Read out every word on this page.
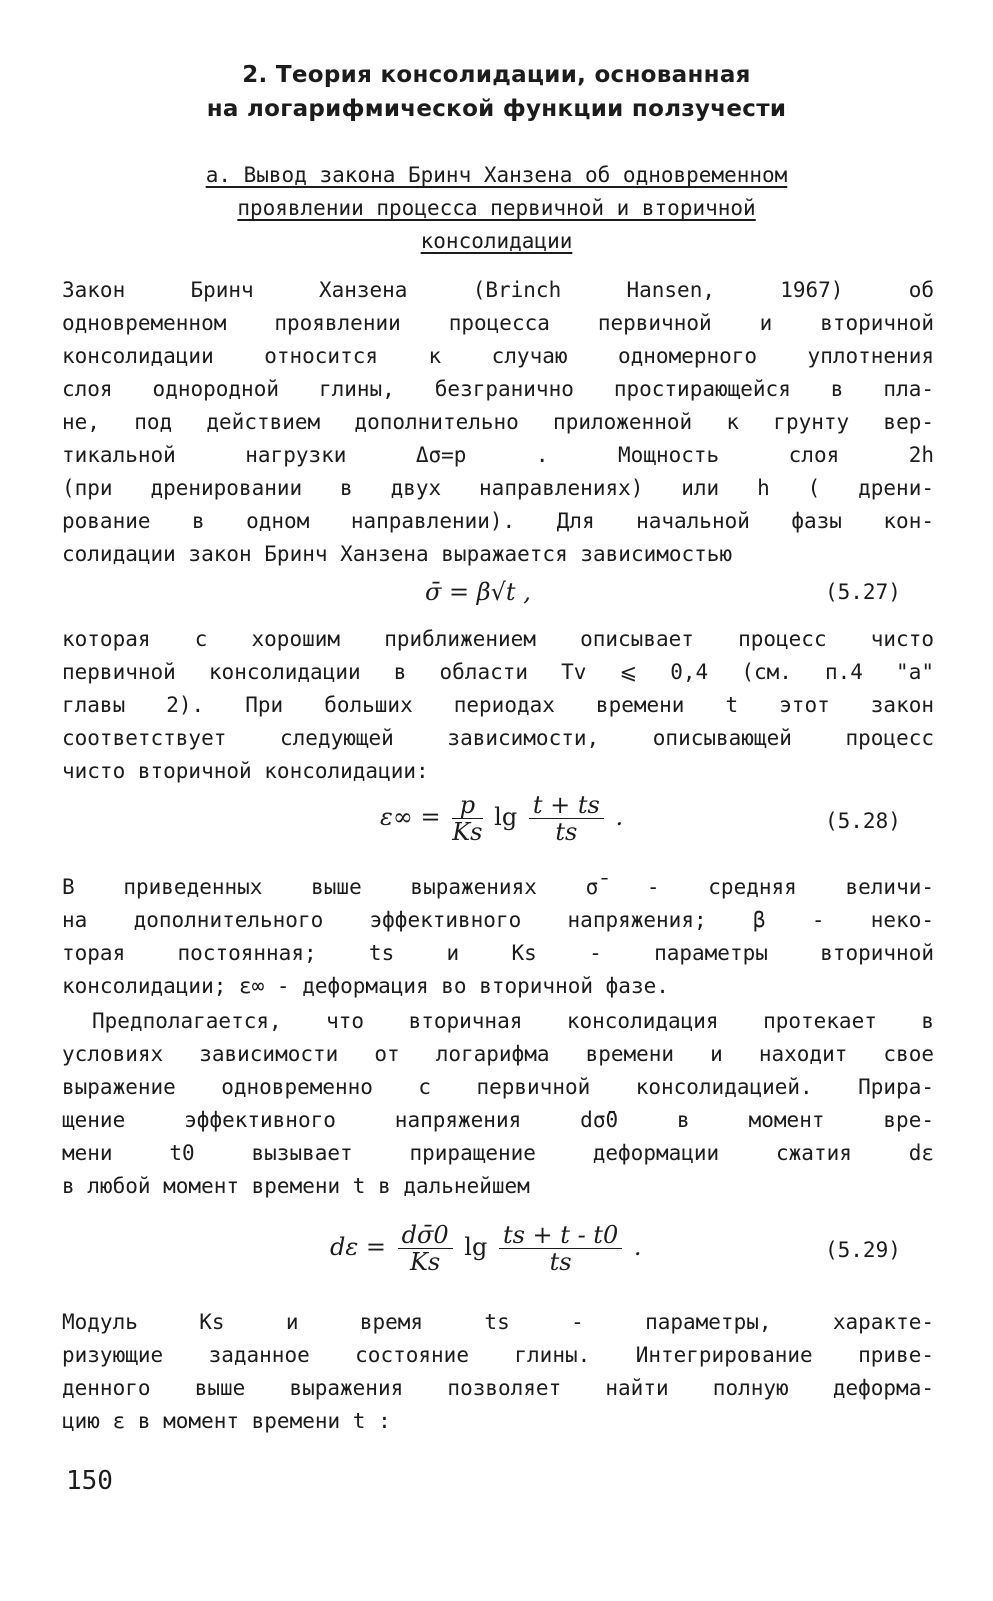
2. Теория консолидации, основанная
на логарифмической функции ползучести
а. Вывод закона Бринч Ханзена об одновременном
проявлении процесса первичной и вторичной
консолидации
Закон Бринч Ханзена (Brinch Hansen, 1967) об
одновременном проявлении процесса первичной и вторичной
консолидации относится к случаю одномерного уплотнения
слоя однородной глины, безгранично простирающейся в пла-
не, под действием дополнительно приложенной к грунту вер-
тикальной нагрузки Δσ=p . Мощность слоя 2h
(при дренировании в двух направлениях) или h ( дрени-
рование в одном направлении). Для начальной фазы кон-
солидации закон Бринч Ханзена выражается зависимостью
σ̄ = β√t ,	(5.27)
которая с хорошим приближением описывает процесс чисто
первичной консолидации в области Tv ⩽ 0,4 (см. п.4 "a"
главы 2). При больших периодах времени t этот закон
соответствует следующей зависимости, описывающей процесс
чисто вторичной консолидации:
$\varepsilon\infty = \frac{p}{Ks}$ $\lg \frac{t + ts}{ts}$ .	(5.28)
В приведенных выше выражениях σ̄ - средняя величи-
на дополнительного эффективного напряжения; β - неко-
торая постоянная; ts и Ks - параметры вторичной
консолидации; ε∞ - деформация во вторичной фазе.
Предполагается, что вторичная консолидация протекает в
условиях зависимости от логарифма времени и находит свое
выражение одновременно с первичной консолидацией. Прира-
щение эффективного напряжения dσ̄0 в момент вре-
мени t0 вызывает приращение деформации сжатия dε
в любой момент времени t в дальнейшем
$d\varepsilon = \frac{d\sigmā0}{Ks}$ $\lg \frac{ts + t - t0}{ts}$ .	(5.29)
Модуль Ks и время ts - параметры, характе-
ризующие заданное состояние глины. Интегрирование приве-
денного выше выражения позволяет найти полную деформа-
цию ε в момент времени t :
150
